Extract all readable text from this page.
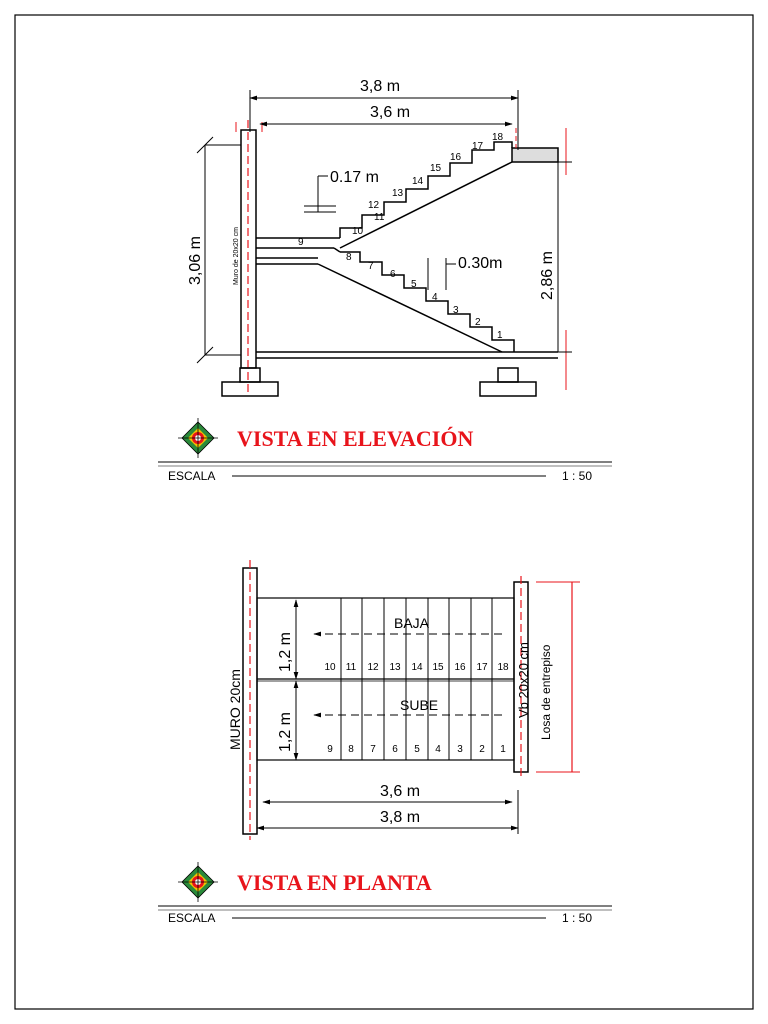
Muro de 20x20 cm
1
2
3
4
5
6
7
8
9
10
11
12
13
14
15
16
17
18
0.17 m
0.30m
3,8 m
3,6 m
3,06 m	2,86 m
VISTA EN ELEVACIÓN
ESCALA	1 : 50
MURO 20cm	Vb 20x20 cm Losa de entrepiso
BAJA
SUBE
10 11 12 13 14 15 16 17 18
9 8 7 6 5 4 3 2 1
1,2 m
1,2 m
3,6 m
3,8 m
VISTA EN PLANTA
ESCALA	1 : 50
